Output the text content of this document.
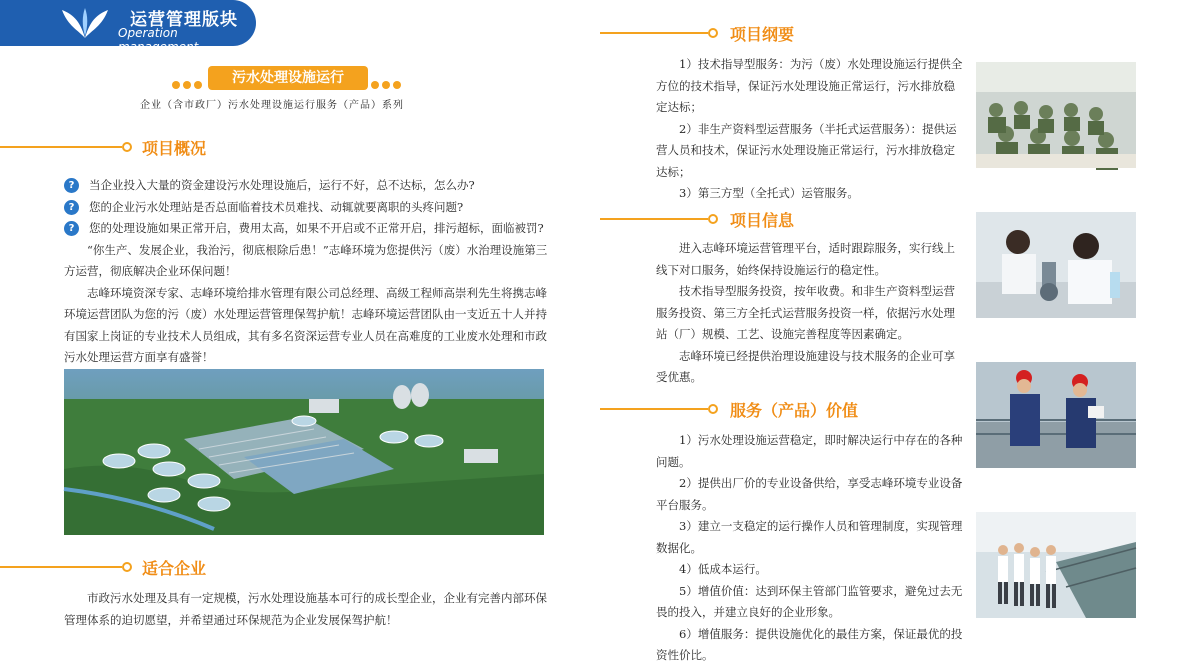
运营管理版块
Operation management
污水处理设施运行
企业（含市政厂）污水处理设施运行服务（产品）系列
项目概况
?	当企业投入大量的资金建设污水处理设施后，运行不好，总不达标，怎么办?
?	您的企业污水处理站是否总面临着技术员难找、动辄就要离职的头疼问题?
?	您的处理设施如果正常开启，费用太高，如果不开启或不正常开启，排污超标，面临被罚?

“你生产、发展企业，我治污，彻底根除后患！”志峰环境为您提供污（废）水治理设施第三方运营，彻底解决企业环保问题！

志峰环境资深专家、志峰环境给排水管理有限公司总经理、高级工程师高崇利先生将携志峰环境运营团队为您的污（废）水处理运营管理保驾护航！志峰环境运营团队由一支近五十人并持有国家上岗证的专业技术人员组成，其有多名资深运营专业人员在高难度的工业废水处理和市政污水处理运营方面享有盛誉！

适合企业

市政污水处理及具有一定规模，污水处理设施基本可行的成长型企业，企业有完善内部环保管理体系的迫切愿望，并希望通过环保规范为企业发展保驾护航！

项目纲要

1）技术指导型服务：为污（废）水处理设施运行提供全方位的技术指导，保证污水处理设施正常运行，污水排放稳定达标；

2）非生产资料型运营服务（半托式运营服务）：提供运营人员和技术，保证污水处理设施正常运行，污水排放稳定达标；

3）第三方型（全托式）运管服务。

项目信息

进入志峰环境运营管理平台，适时跟踪服务，实行线上线下对口服务，始终保持设施运行的稳定性。

技术指导型服务投资，按年收费。和非生产资料型运营服务投资、第三方全托式运营服务投资一样，依据污水处理站（厂）规模、工艺、设施完善程度等因素确定。

志峰环境已经提供治理设施建设与技术服务的企业可享受优惠。

服务（产品）价值

1）污水处理设施运营稳定，即时解决运行中存在的各种问题。

2）提供出厂价的专业设备供给，享受志峰环境专业设备平台服务。

3）建立一支稳定的运行操作人员和管理制度，实现管理数据化。

4）低成本运行。

5）增值价值：达到环保主管部门监管要求，避免过去无畏的投入，并建立良好的企业形象。

6）增值服务：提供设施优化的最佳方案，保证最优的投资性价比。
